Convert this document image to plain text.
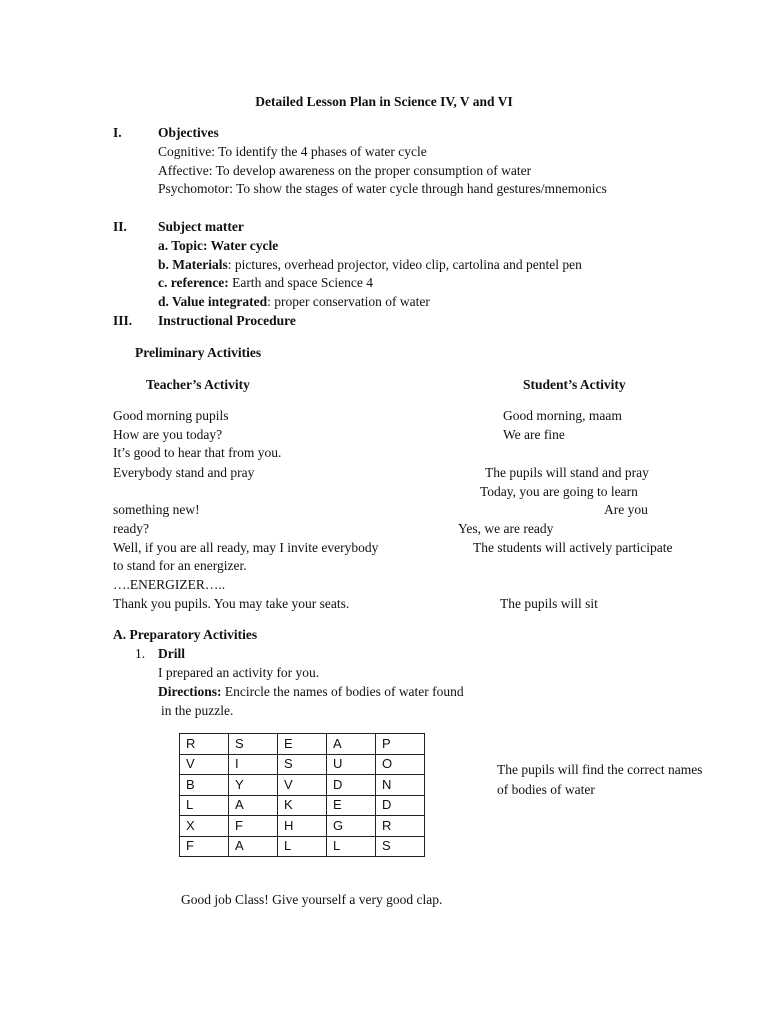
Detailed Lesson Plan in Science IV, V and VI
I.	Objectives
Cognitive: To identify the 4 phases of water cycle
Affective: To develop awareness on the proper consumption of water
Psychomotor: To show the stages of water cycle through hand gestures/mnemonics
II. Subject matter
a. Topic: Water cycle
b. Materials: pictures, overhead projector, video clip, cartolina and pentel pen
c. reference: Earth and space Science 4
d. Value integrated: proper conservation of water
III. Instructional Procedure
Preliminary Activities
Teacher’s Activity	Student’s Activity
Good morning pupils	Good morning, maam
How are you today?	We are fine
It’s good to hear that from you.
Everybody stand and pray	The pupils will stand and pray
Today, you are going to learn
something new!	Are you
ready?	Yes, we are ready
Well, if you are all ready, may I invite everybody	The students will actively participate
to stand for an energizer.
….ENERGIZER…..
Thank you pupils. You may take your seats.	The pupils will sit
A. Preparatory Activities
1. Drill
I prepared an activity for you.
Directions: Encircle the names of bodies of water found
in the puzzle.
R	S	E	A	P
V	I	S	U	O
B	Y	V	D	N
L	A	K	E	D
X	F	H	G	R
F	A	L	L	S
The pupils will find the correct names
of bodies of water
Good job Class! Give yourself a very good clap.
